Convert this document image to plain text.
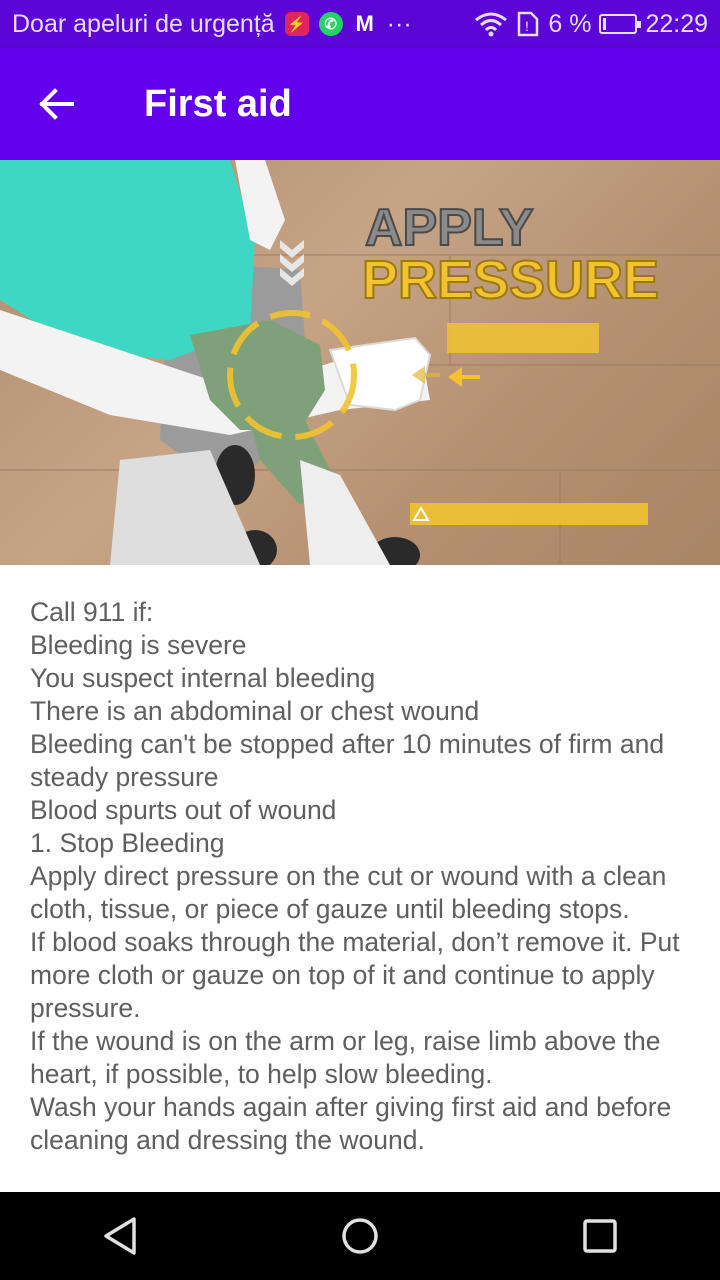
Doar apeluri de urgență ⚡	✆ M ···	! 6 % 22:29
First aid
APPLY
PRESSURE
Call 911 if:
Bleeding is severe
You suspect internal bleeding
There is an abdominal or chest wound
Bleeding can't be stopped after 10 minutes of firm and steady pressure
Blood spurts out of wound
1. Stop Bleeding
Apply direct pressure on the cut or wound with a clean cloth, tissue, or piece of gauze until bleeding stops.
If blood soaks through the material, don’t remove it. Put more cloth or gauze on top of it and continue to apply pressure.
If the wound is on the arm or leg, raise limb above the heart, if possible, to help slow bleeding.
Wash your hands again after giving first aid and before cleaning and dressing the wound.
